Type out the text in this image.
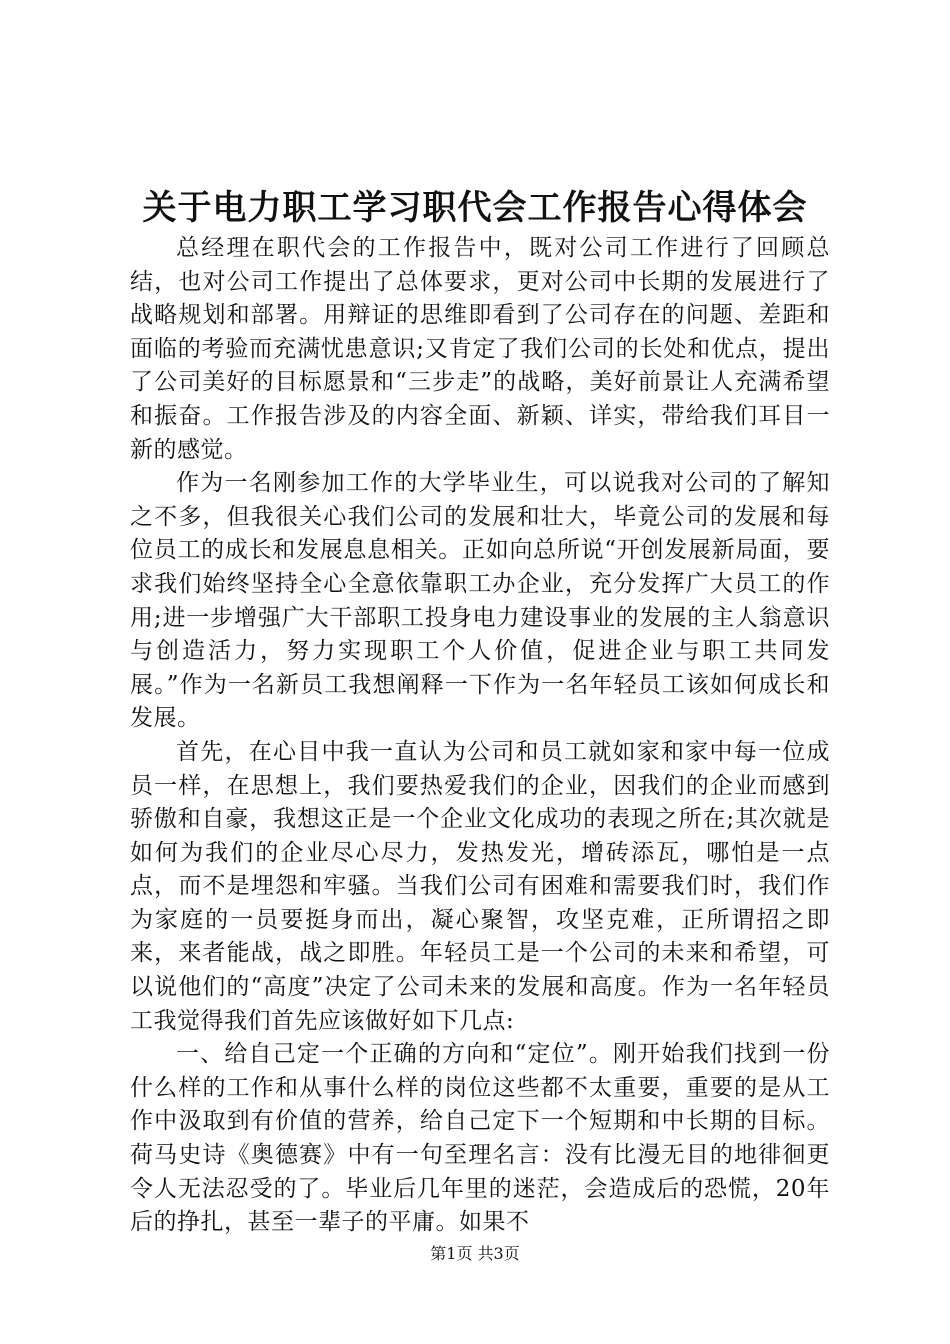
关于电力职工学习职代会工作报告心得体会

总经理在职代会的工作报告中，既对公司工作进行了回顾总结，也对公司工作提出了总体要求，更对公司中长期的发展进行了战略规划和部署。用辩证的思维即看到了公司存在的问题、差距和面临的考验而充满忧患意识;又肯定了我们公司的长处和优点，提出了公司美好的目标愿景和“三步走”的战略，美好前景让人充满希望和振奋。工作报告涉及的内容全面、新颖、详实，带给我们耳目一新的感觉。

作为一名刚参加工作的大学毕业生，可以说我对公司的了解知之不多，但我很关心我们公司的发展和壮大，毕竟公司的发展和每位员工的成长和发展息息相关。正如向总所说“开创发展新局面，要求我们始终坚持全心全意依靠职工办企业，充分发挥广大员工的作用;进一步增强广大干部职工投身电力建设事业的发展的主人翁意识与创造活力，努力实现职工个人价值，促进企业与职工共同发展。”作为一名新员工我想阐释一下作为一名年轻员工该如何成长和发展。

首先，在心目中我一直认为公司和员工就如家和家中每一位成员一样，在思想上，我们要热爱我们的企业，因我们的企业而感到骄傲和自豪，我想这正是一个企业文化成功的表现之所在;其次就是如何为我们的企业尽心尽力，发热发光，增砖添瓦，哪怕是一点点，而不是埋怨和牢骚。当我们公司有困难和需要我们时，我们作为家庭的一员要挺身而出，凝心聚智，攻坚克难，正所谓招之即来，来者能战，战之即胜。年轻员工是一个公司的未来和希望，可以说他们的“高度”决定了公司未来的发展和高度。作为一名年轻员工我觉得我们首先应该做好如下几点:

一、给自己定一个正确的方向和“定位”。刚开始我们找到一份什么样的工作和从事什么样的岗位这些都不太重要，重要的是从工作中汲取到有价值的营养，给自己定下一个短期和中长期的目标。荷马史诗《奥德赛》中有一句至理名言：没有比漫无目的地徘徊更令人无法忍受的了。毕业后几年里的迷茫，会造成后的恐慌，20年后的挣扎，甚至一辈子的平庸。如果不

第1页 共3页
